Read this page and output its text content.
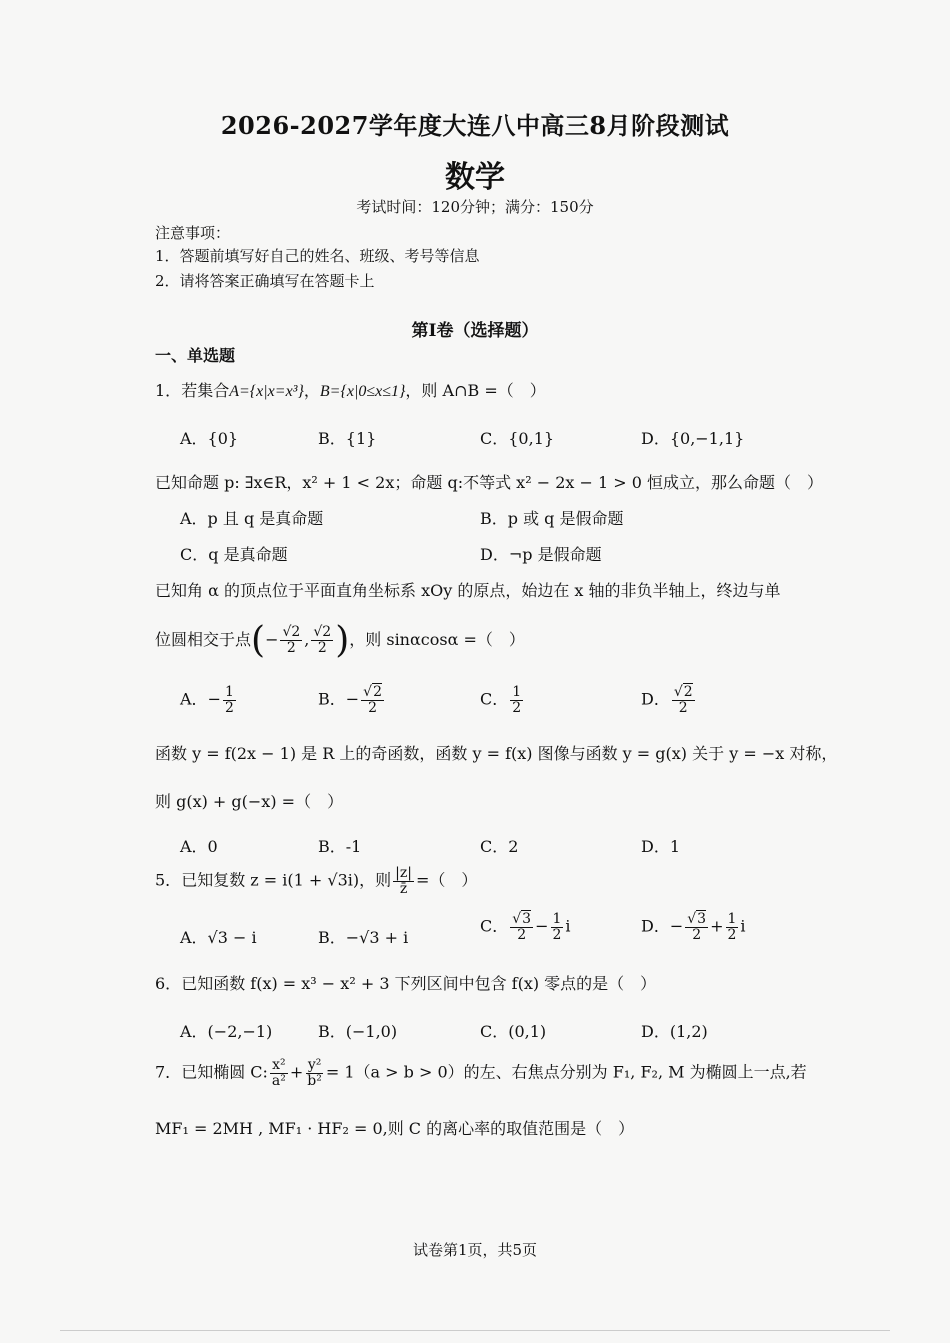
2026-2027学年度大连八中高三8月阶段测试
数学
考试时间：120分钟；满分：150分
注意事项：
1．答题前填写好自己的姓名、班级、考号等信息
2．请将答案正确填写在答题卡上
第I卷（选择题）
一、单选题
1．若集合A={x|x=x³}，B={x|0≤x≤1}，则 A∩B =（　）
A．{0}	B．{1}	C．{0,1}	D．{0,−1,1}
已知命题 p: ∃x∈R，x² + 1 < 2x；命题 q:不等式 x² − 2x − 1 > 0 恒成立，那么命题（　）
A．p 且 q 是真命题	B．p 或 q 是假命题
C．q 是真命题	D．¬p 是假命题
已知角 α 的顶点位于平面直角坐标系 xOy 的原点，始边在 x 轴的非负半轴上，终边与单
位圆相交于点(− $\frac{√2}{2}$ , $\frac{√2}{2}$ )，则 sinαcosα =（　）
A．− $\frac{1}{2}$	B．− $\frac{√2}{2}$	C． $\frac{1}{2}$	D． $\frac{√2}{2}$
函数 y = f(2x − 1) 是 R 上的奇函数，函数 y = f(x) 图像与函数 y = g(x) 关于 y = −x 对称，
则 g(x) + g(−x) =（　）
A．0	B．-1	C．2	D．1
5．已知复数 z = i(1 + √3i)，则 $\frac{|z|}{z̄}$ =（　）
A．√3 − i	B．−√3 + i
C． $\frac{√3}{2} - \frac{1}{2}$ i	D．− $\frac{√3}{2} + \frac{1}{2}$ i
6．已知函数 f(x) = x³ − x² + 3 下列区间中包含 f(x) 零点的是（　）
A．(−2,−1)	B．(−1,0)	C．(0,1)	D．(1,2)
7．已知椭圆 C: $\frac{\text{x²}}{\text{a²}} + \frac{\text{y²}}{\text{b²}} = 1(a > b > 0)$的左、右焦点分别为 F₁, F₂, M 为椭圆上一点,若
MF₁ = 2MH , MF₁ · HF₂ = 0,则 C 的离心率的取值范围是（　）
试卷第1页，共5页
